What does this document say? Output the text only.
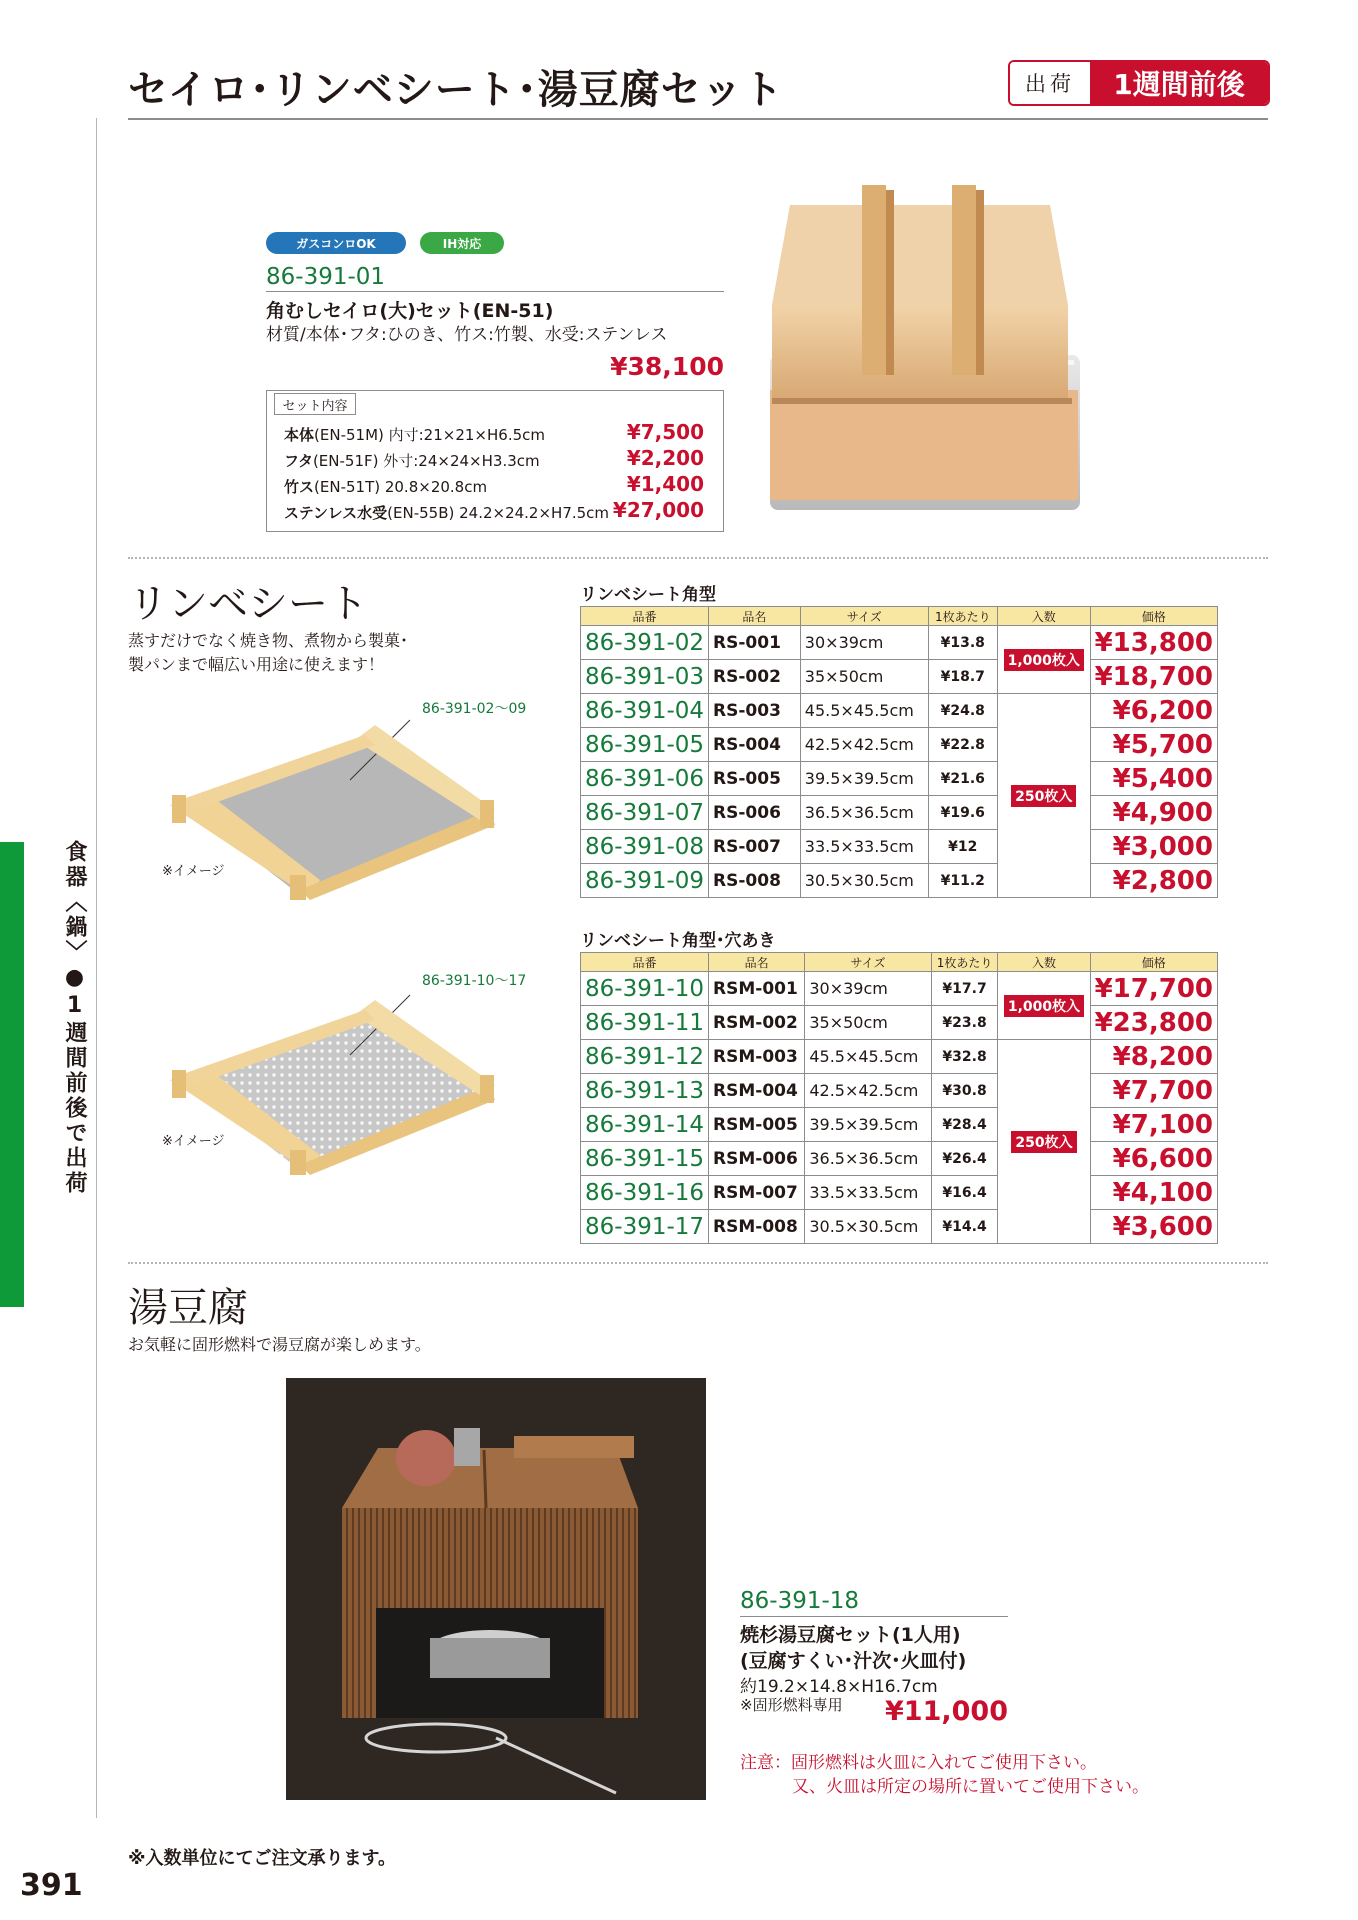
セイロ･リンベシート･湯豆腐セット	出荷	1週間前後
食器〈鍋〉●1週間前後で出荷
ガスコンロOK	IH対応
86-391-01
角むしセイロ(大)セット(EN-51)
材質/本体･フタ:ひのき、竹ス:竹製、水受:ステンレス
¥38,100
セット内容
本体(EN-51M) 内寸:21×21×H6.5cm	¥7,500
フタ(EN-51F) 外寸:24×24×H3.3cm	¥2,200
竹ス(EN-51T) 20.8×20.8cm	¥1,400
ステンレス水受(EN-55B) 24.2×24.2×H7.5cm ¥27,000
リンベシート
蒸すだけでなく焼き物、煮物から製菓･
製パンまで幅広い用途に使えます！
86-391-02〜09
※イメージ
86-391-10〜17
※イメージ
リンベシート角型
品番	品名	サイズ	1枚あたり	入数	価格
86-391-02	RS-001	30×39cm	¥13.8	1,000枚入	¥13,800
86-391-03	RS-002	35×50cm	¥18.7		¥18,700
86-391-04	RS-003	45.5×45.5cm	¥24.8	250枚入	¥6,200
86-391-05	RS-004	42.5×42.5cm	¥22.8		¥5,700
86-391-06	RS-005	39.5×39.5cm	¥21.6		¥5,400
86-391-07	RS-006	36.5×36.5cm	¥19.6		¥4,900
86-391-08	RS-007	33.5×33.5cm	¥12		¥3,000
86-391-09	RS-008	30.5×30.5cm	¥11.2		¥2,800
リンベシート角型･穴あき
品番	品名	サイズ	1枚あたり	入数	価格
86-391-10	RSM-001	30×39cm	¥17.7	1,000枚入	¥17,700
86-391-11	RSM-002	35×50cm	¥23.8		¥23,800
86-391-12	RSM-003	45.5×45.5cm	¥32.8	250枚入	¥8,200
86-391-13	RSM-004	42.5×42.5cm	¥30.8		¥7,700
86-391-14	RSM-005	39.5×39.5cm	¥28.4		¥7,100
86-391-15	RSM-006	36.5×36.5cm	¥26.4		¥6,600
86-391-16	RSM-007	33.5×33.5cm	¥16.4		¥4,100
86-391-17	RSM-008	30.5×30.5cm	¥14.4		¥3,600
湯豆腐
お気軽に固形燃料で湯豆腐が楽しめます。
86-391-18
焼杉湯豆腐セット(1人用)
(豆腐すくい･汁次･火皿付)
約19.2×14.8×H16.7cm
※固形燃料専用 ¥11,000
注意：固形燃料は火皿に入れてご使用下さい。
又、火皿は所定の場所に置いてご使用下さい。
※入数単位にてご注文承ります。
391
